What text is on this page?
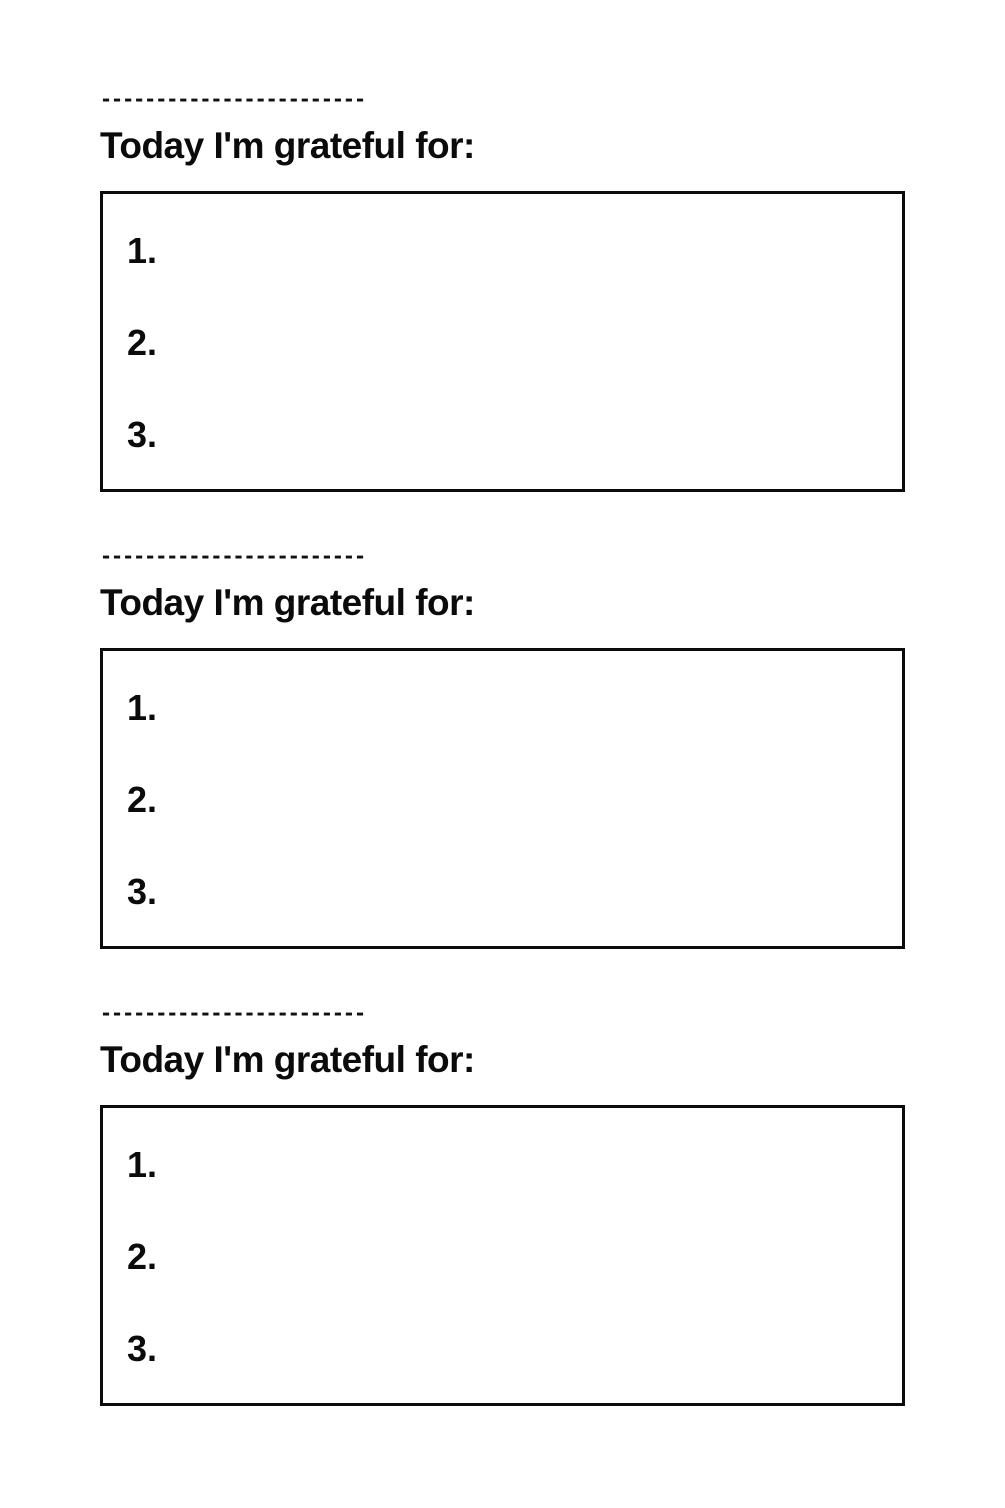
------------------------
Today I'm grateful for:
1.
2.
3.
------------------------
Today I'm grateful for:
1.
2.
3.
------------------------
Today I'm grateful for:
1.
2.
3.
